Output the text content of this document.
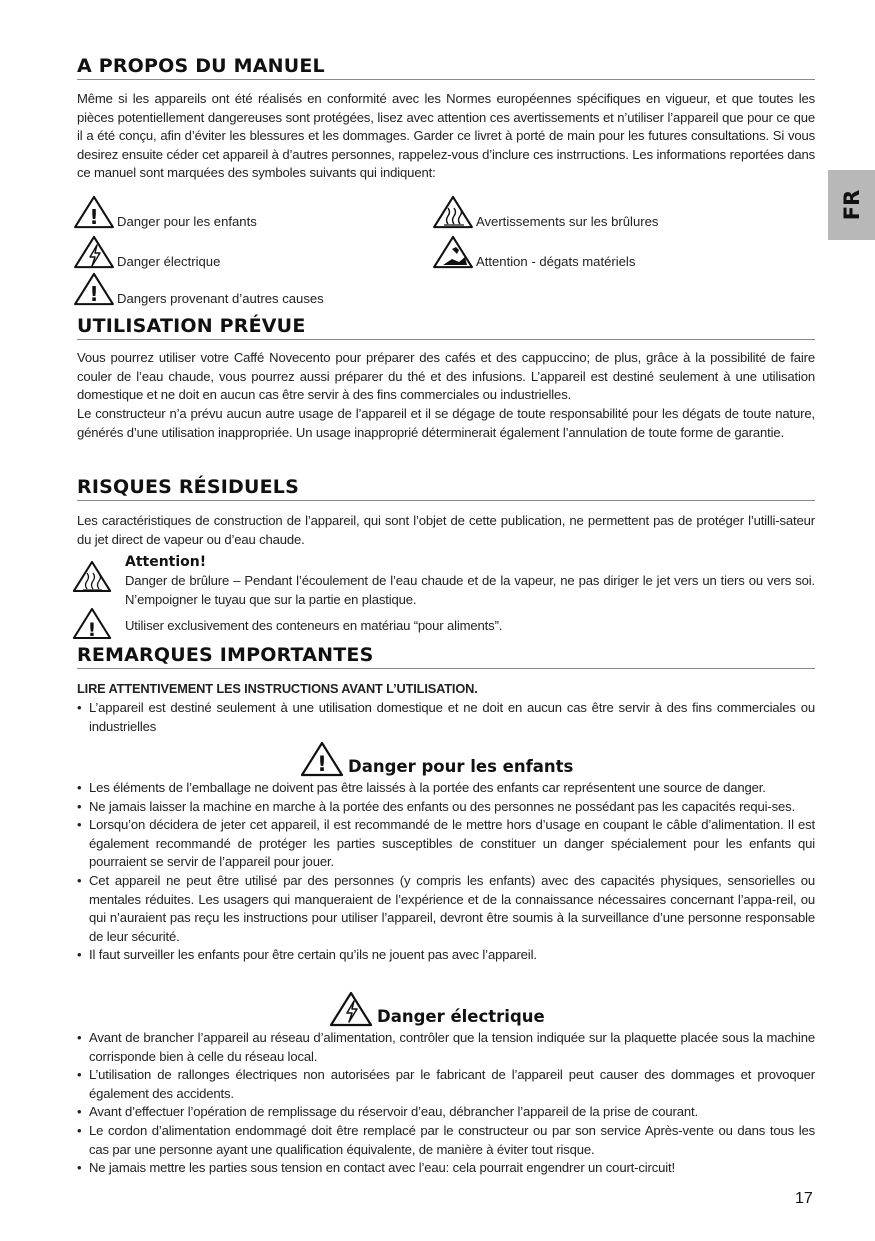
FR
A PROPOS DU MANUEL
Même si les appareils ont été réalisés en conformité avec les Normes européennes spécifiques en vigueur, et que toutes les pièces potentiellement dangereuses sont protégées, lisez avec attention ces avertissements et n’utiliser l’appareil que pour ce que il a été conçu, afin d’éviter les blessures et les dommages. Garder ce livret à porté de main pour les futures consultations. Si vous desirez ensuite céder cet appareil à d’autres personnes, rappelez-vous d’inclure ces instrructions. Les informations reportées dans ce manuel sont marquées des symboles suivants qui indiquent:
! Danger pour les enfants	Avertissements sur les brûlures
Danger électrique	Attention - dégats matériels
! Dangers provenant d’autres causes
UTILISATION PRÉVUE
Vous pourrez utiliser votre Caffé Novecento pour préparer des cafés et des cappuccino; de plus, grâce à la possibilité de faire couler de l’eau chaude, vous pourrez aussi préparer du thé et des infusions. L’appareil est destiné seulement à une utilisation domestique et ne doit en aucun cas être servir à des fins commerciales ou industrielles.
Le constructeur n’a prévu aucun autre usage de l’appareil et il se dégage de toute responsabilité pour les dégats de toute nature, générés d’une utilisation inappropriée. Un usage inapproprié déterminerait également l’annulation de toute forme de garantie.
RISQUES RÉSIDUELS
Les caractéristiques de construction de l’appareil, qui sont l’objet de cette publication, ne permettent pas de protéger l’utilli-sateur du jet direct de vapeur ou d’eau chaude.
Attention!
Danger de brûlure – Pendant l’écoulement de l’eau chaude et de la vapeur, ne pas diriger le jet vers un tiers ou vers soi. N’empoigner le tuyau que sur la partie en plastique.
! Utiliser exclusivement des conteneurs en matériau “pour aliments”.
REMARQUES IMPORTANTES
LIRE ATTENTIVEMENT LES INSTRUCTIONS AVANT L’UTILISATION.
• L’appareil est destiné seulement à une utilisation domestique et ne doit en aucun cas être servir à des fins commerciales ou industrielles
! Danger pour les enfants
• Les éléments de l’emballage ne doivent pas être laissés à la portée des enfants car représentent une source de danger.
• Ne jamais laisser la machine en marche à la portée des enfants ou des personnes ne possédant pas les capacités requi-ses.
• Lorsqu’on décidera de jeter cet appareil, il est recommandé de le mettre hors d’usage en coupant le câble d’alimentation. Il est également recommandé de protéger les parties susceptibles de constituer un danger spécialement pour les enfants qui pourraient se servir de l’appareil pour jouer.
• Cet appareil ne peut être utilisé par des personnes (y compris les enfants) avec des capacités physiques, sensorielles ou mentales réduites. Les usagers qui manqueraient de l’expérience et de la connaissance nécessaires concernant l’appa-reil, ou qui n’auraient pas reçu les instructions pour utiliser l’appareil, devront être soumis à la surveillance d’une personne responsable de leur sécurité.
• Il faut surveiller les enfants pour être certain qu’ils ne jouent pas avec l’appareil.
Danger électrique
• Avant de brancher l’appareil au réseau d’alimentation, contrôler que la tension indiquée sur la plaquette placée sous la machine corrisponde bien à celle du réseau local.
• L’utilisation de rallonges électriques non autorisées par le fabricant de l’appareil peut causer des dommages et provoquer également des accidents.
• Avant d’effectuer l’opération de remplissage du réservoir d’eau, débrancher l’appareil de la prise de courant.
• Le cordon d’alimentation endommagé doit être remplacé par le constructeur ou par son service Après-vente ou dans tous les cas par une personne ayant une qualification équivalente, de manière à éviter tout risque.
• Ne jamais mettre les parties sous tension en contact avec l’eau: cela pourrait engendrer un court-circuit!
17
